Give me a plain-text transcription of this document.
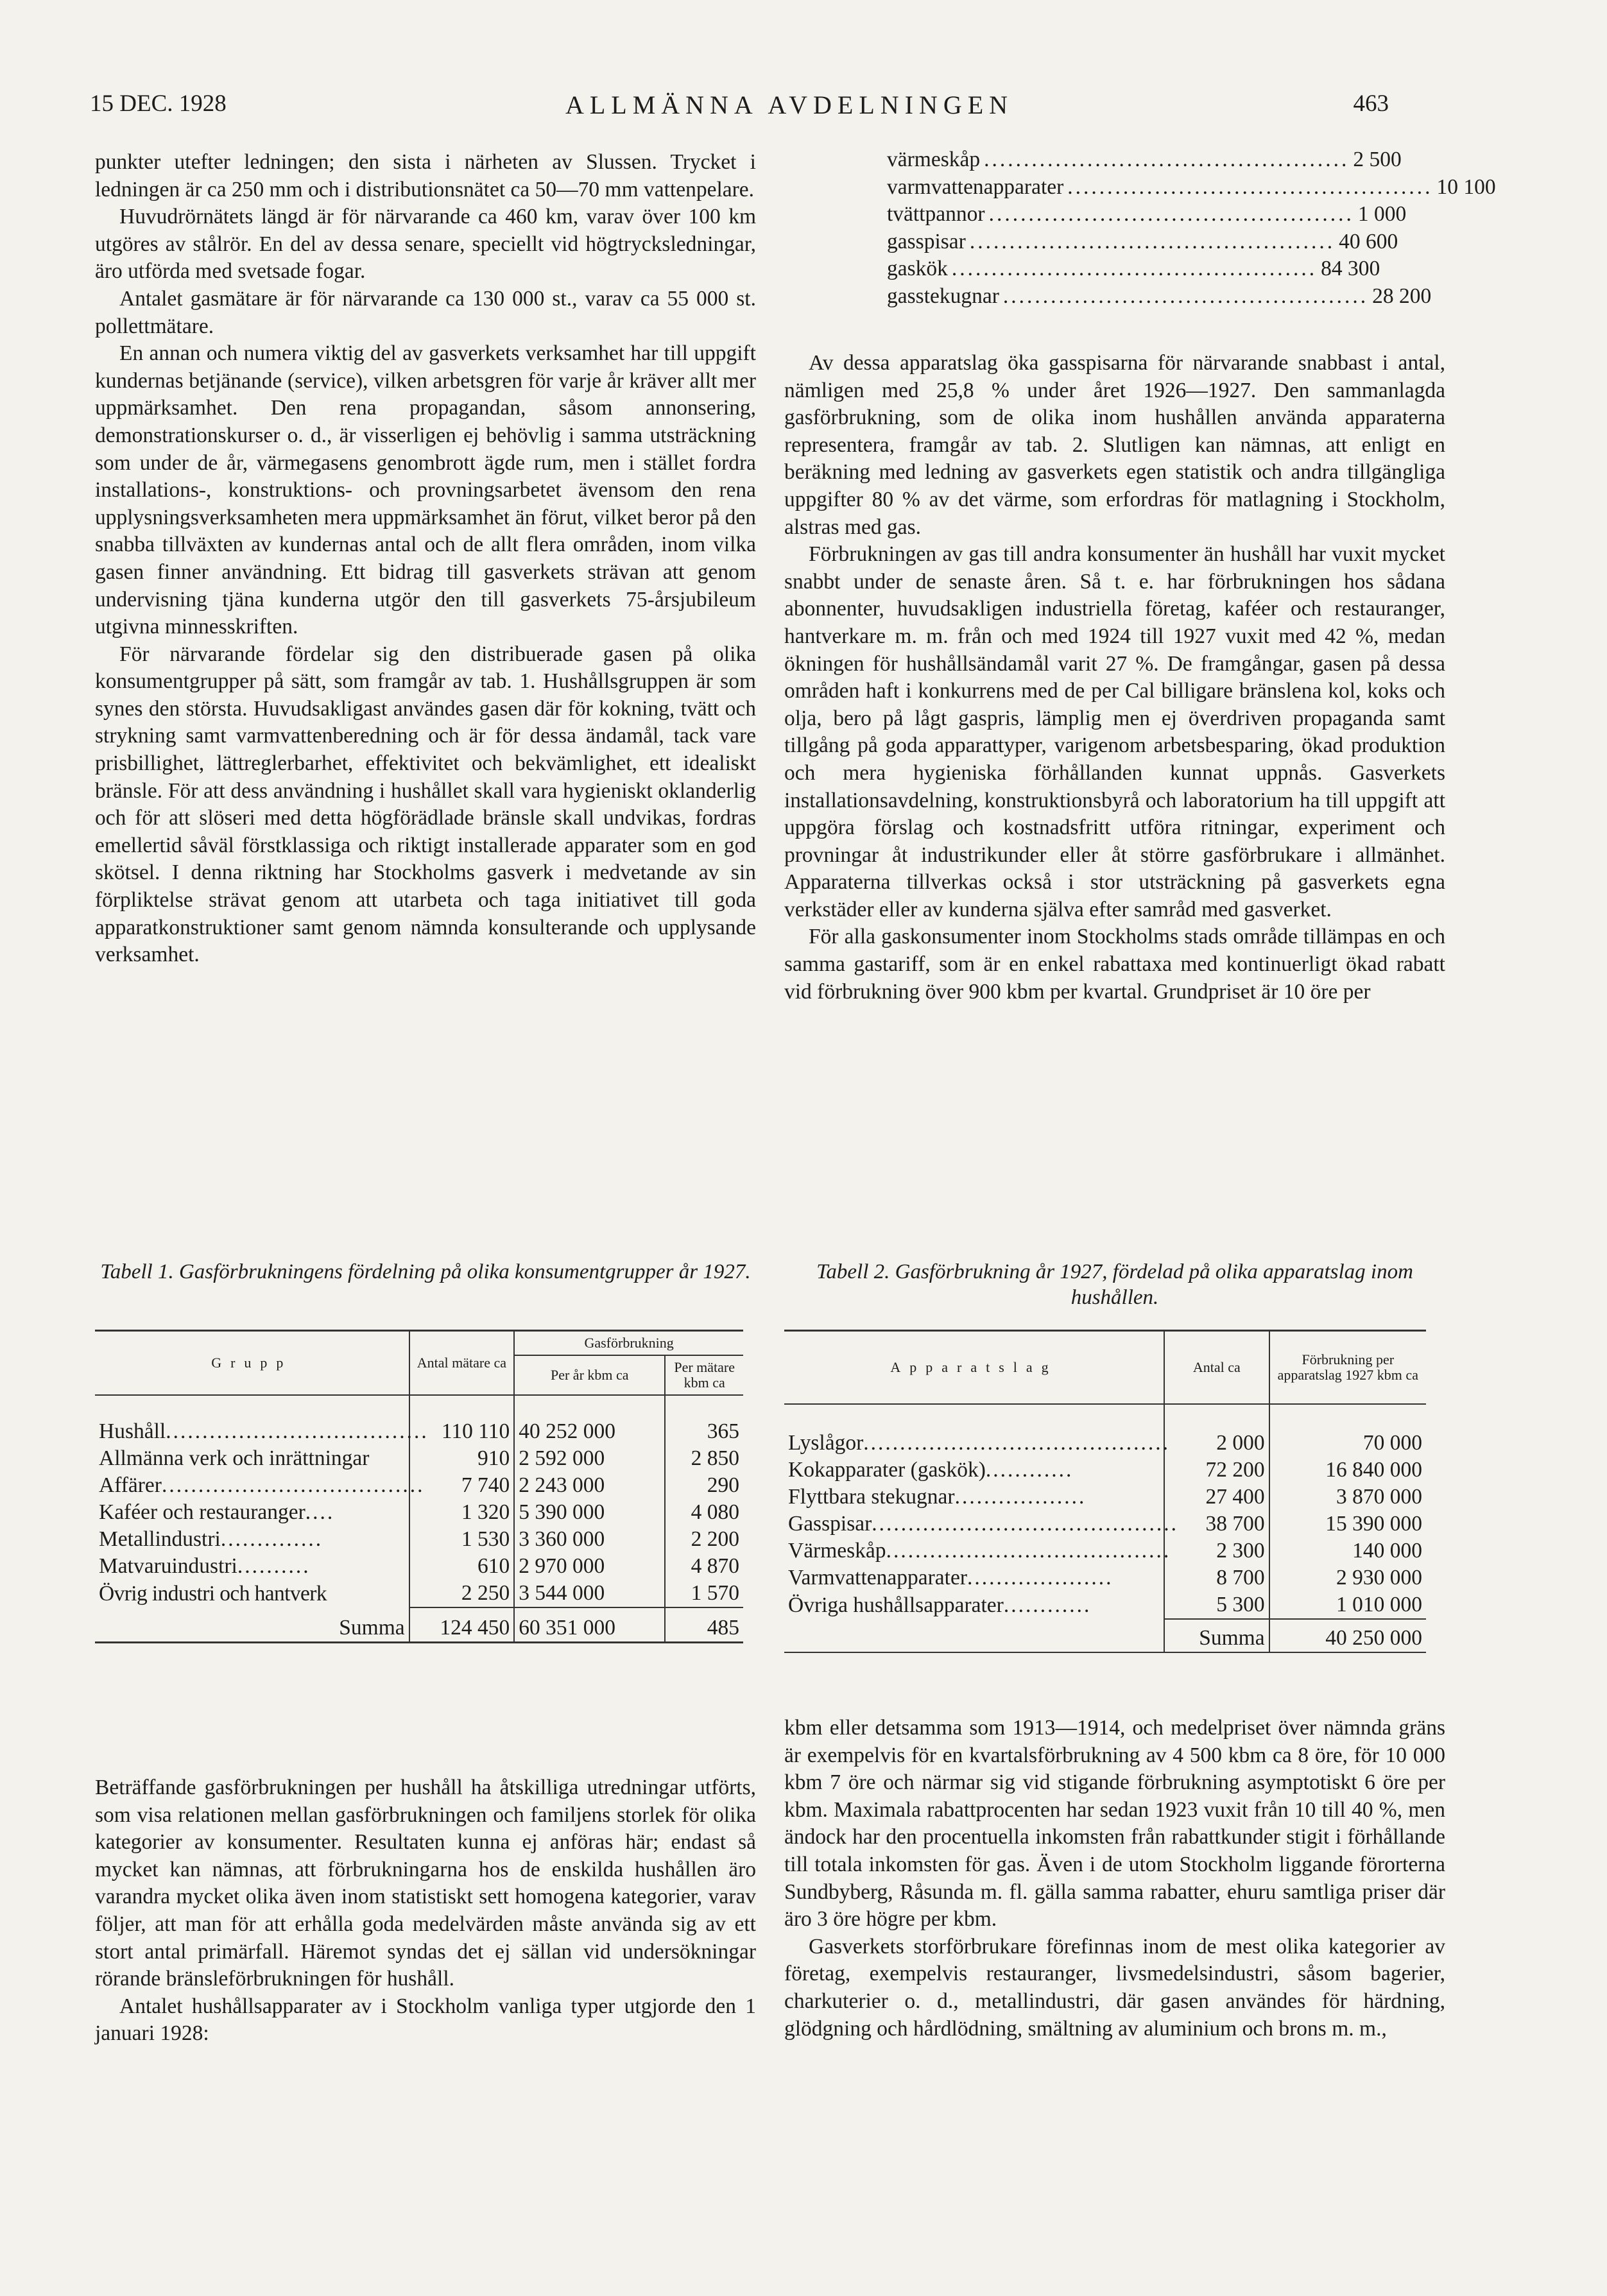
15 DEC. 1928	ALLMÄNNA AVDELNINGEN	463

punkter utefter ledningen; den sista i närheten av Slussen. Trycket i ledningen är ca 250 mm och i distributionsnätet ca 50—70 mm vattenpelare.

Huvudrörnätets längd är för närvarande ca 460 km, varav över 100 km utgöres av stålrör. En del av dessa senare, speciellt vid högtrycksledningar, äro utförda med svetsade fogar.

Antalet gasmätare är för närvarande ca 130 000 st., varav ca 55 000 st. pollettmätare.

En annan och numera viktig del av gasverkets verksamhet har till uppgift kundernas betjänande (service), vilken arbetsgren för varje år kräver allt mer uppmärksamhet. Den rena propagandan, såsom annonsering, demonstrationskurser o. d., är visserligen ej behövlig i samma utsträckning som under de år, värmegasens genombrott ägde rum, men i stället fordra installations-, konstruktions- och provningsarbetet ävensom den rena upplysningsverksamheten mera uppmärksamhet än förut, vilket beror på den snabba tillväxten av kundernas antal och de allt flera områden, inom vilka gasen finner användning. Ett bidrag till gasverkets strävan att genom undervisning tjäna kunderna utgör den till gasverkets 75-årsjubileum utgivna minnesskriften.

För närvarande fördelar sig den distribuerade gasen på olika konsumentgrupper på sätt, som framgår av tab. 1. Hushållsgruppen är som synes den största. Huvudsakligast användes gasen där för kokning, tvätt och strykning samt varmvattenberedning och är för dessa ändamål, tack vare prisbillighet, lättreglerbarhet, effektivitet och bekvämlighet, ett idealiskt bränsle. För att dess användning i hushållet skall vara hygieniskt oklanderlig och för att slöseri med detta högförädlade bränsle skall undvikas, fordras emellertid såväl förstklassiga och riktigt installerade apparater som en god skötsel. I denna riktning har Stockholms gasverk i medvetande av sin förpliktelse strävat genom att utarbeta och taga initiativet till goda apparatkonstruktioner samt genom nämnda konsulterande och upplysande verksamhet.

värmeskåp .............................................. 2 500
varmvattenapparater .............................................. 10 100
tvättpannor .............................................. 1 000
gasspisar .............................................. 40 600
gaskök .............................................. 84 300
gasstekugnar .............................................. 28 200

Av dessa apparatslag öka gasspisarna för närvarande snabbast i antal, nämligen med 25,8 % under året 1926—1927. Den sammanlagda gasförbrukning, som de olika inom hushållen använda apparaterna representera, framgår av tab. 2. Slutligen kan nämnas, att enligt en beräkning med ledning av gasverkets egen statistik och andra tillgängliga uppgifter 80 % av det värme, som erfordras för matlagning i Stockholm, alstras med gas.

Förbrukningen av gas till andra konsumenter än hushåll har vuxit mycket snabbt under de senaste åren. Så t. e. har förbrukningen hos sådana abonnenter, huvudsakligen industriella företag, kaféer och restauranger, hantverkare m. m. från och med 1924 till 1927 vuxit med 42 %, medan ökningen för hushållsändamål varit 27 %. De framgångar, gasen på dessa områden haft i konkurrens med de per Cal billigare bränslena kol, koks och olja, bero på lågt gaspris, lämplig men ej överdriven propaganda samt tillgång på goda apparattyper, varigenom arbetsbesparing, ökad produktion och mera hygieniska förhållanden kunnat uppnås. Gasverkets installationsavdelning, konstruktionsbyrå och laboratorium ha till uppgift att uppgöra förslag och kostnadsfritt utföra ritningar, experiment och provningar åt industrikunder eller åt större gasförbrukare i allmänhet. Apparaterna tillverkas också i stor utsträckning på gasverkets egna verkstäder eller av kunderna själva efter samråd med gasverket.

För alla gaskonsumenter inom Stockholms stads område tillämpas en och samma gastariff, som är en enkel rabattaxa med kontinuerligt ökad rabatt vid förbrukning över 900 kbm per kvartal. Grundpriset är 10 öre per

Tabell 1. Gasförbrukningens fördelning på olika konsumentgrupper år 1927.	Tabell 2. Gasförbrukning år 1927, fördelad på olika apparatslag inom hushållen.
Grupp	Antal mätare ca	Gasförbrukning	
		Per år kbm ca	Per mätare kbm ca

Hushåll....................................	110 110	40 252 000	365
Allmänna verk och inrättningar	910	2 592 000	2 850
Affärer....................................	7 740	2 243 000	290
Kaféer och restauranger....	1 320	5 390 000	4 080
Metallindustri..............	1 530	3 360 000	2 200
Matvaruindustri..........	610	2 970 000	4 870
Övrig industri och hantverk	2 250	3 544 000	1 570
Summa	124 450	60 351 000	485
Apparatslag	Antal ca	Förbrukning per apparatslag 1927 kbm ca

Lyslågor..........................................	2 000	70 000
Kokapparater (gaskök)............	72 200	16 840 000
Flyttbara stekugnar..................	27 400	3 870 000
Gasspisar..........................................	38 700	15 390 000
Värmeskåp.......................................	2 300	140 000
Varmvattenapparater....................	8 700	2 930 000
Övriga hushållsapparater............	5 300	1 010 000
	Summa	40 250 000

Beträffande gasförbrukningen per hushåll ha åtskilliga utredningar utförts, som visa relationen mellan gasförbrukningen och familjens storlek för olika kategorier av konsumenter. Resultaten kunna ej anföras här; endast så mycket kan nämnas, att förbrukningarna hos de enskilda hushållen äro varandra mycket olika även inom statistiskt sett homogena kategorier, varav följer, att man för att erhålla goda medelvärden måste använda sig av ett stort antal primärfall. Häremot syndas det ej sällan vid undersökningar rörande bränsleförbrukningen för hushåll.

Antalet hushållsapparater av i Stockholm vanliga typer utgjorde den 1 januari 1928:

kbm eller detsamma som 1913—1914, och medelpriset över nämnda gräns är exempelvis för en kvartalsförbrukning av 4 500 kbm ca 8 öre, för 10 000 kbm 7 öre och närmar sig vid stigande förbrukning asymptotiskt 6 öre per kbm. Maximala rabattprocenten har sedan 1923 vuxit från 10 till 40 %, men ändock har den procentuella inkomsten från rabattkunder stigit i förhållande till totala inkomsten för gas. Även i de utom Stockholm liggande förorterna Sundbyberg, Råsunda m. fl. gälla samma rabatter, ehuru samtliga priser där äro 3 öre högre per kbm.

Gasverkets storförbrukare förefinnas inom de mest olika kategorier av företag, exempelvis restauranger, livsmedelsindustri, såsom bagerier, charkuterier o. d., metallindustri, där gasen användes för härdning, glödgning och hårdlödning, smältning av aluminium och brons m. m.,
